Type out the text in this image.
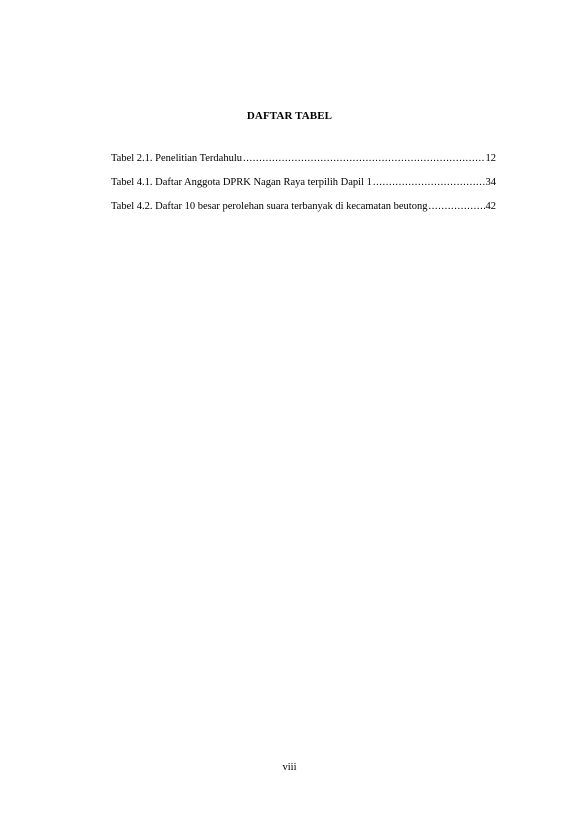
DAFTAR TABEL
Tabel 2.1. Penelitian Terdahulu .....	12
Tabel 4.1. Daftar Anggota DPRK Nagan Raya terpilih Dapil 1 .....	34
Tabel 4.2. Daftar 10 besar perolehan suara terbanyak di kecamatan beutong .....	42
viii
